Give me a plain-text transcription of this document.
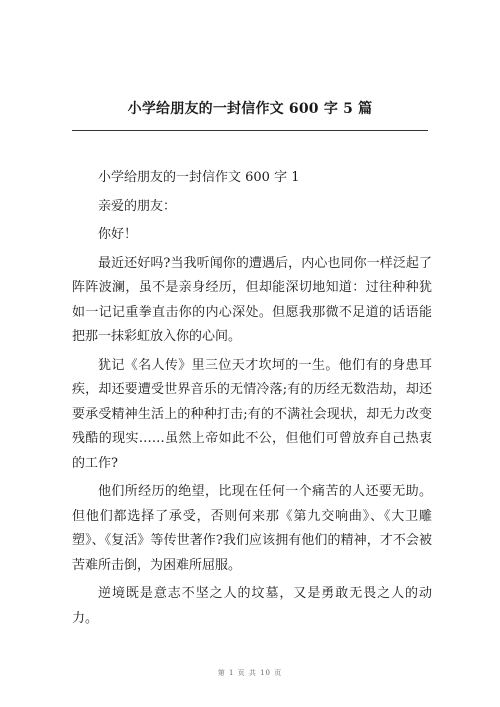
小学给朋友的一封信作文 600 字 5 篇

小学给朋友的一封信作文 600 字 1

亲爱的朋友：

你好！

最近还好吗?当我听闻你的遭遇后，内心也同你一样泛起了阵阵波澜，虽不是亲身经历，但却能深切地知道：过往种种犹如一记记重拳直击你的内心深处。但愿我那微不足道的话语能把那一抹彩虹放入你的心间。

犹记《名人传》里三位天才坎坷的一生。他们有的身患耳疾，却还要遭受世界音乐的无情冷落;有的历经无数浩劫，却还要承受精神生活上的种种打击;有的不满社会现状，却无力改变残酷的现实……虽然上帝如此不公，但他们可曾放弃自己热衷的工作?

他们所经历的绝望，比现在任何一个痛苦的人还要无助。但他们都选择了承受，否则何来那《第九交响曲》、《大卫雕塑》、《复活》等传世著作?我们应该拥有他们的精神，才不会被苦难所击倒，为困难所屈服。

逆境既是意志不坚之人的坟墓，又是勇敢无畏之人的动力。

第 1 页 共 10 页
